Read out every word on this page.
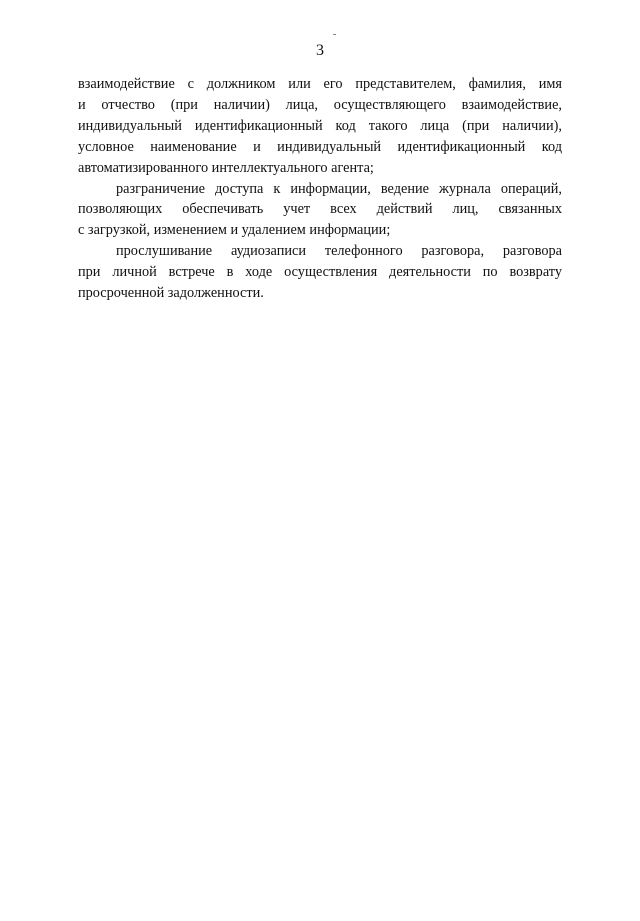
3

взаимодействие с должником или его представителем, фамилия, имя
и отчество (при наличии) лица, осуществляющего взаимодействие,
индивидуальный идентификационный код такого лица (при наличии),
условное наименование и индивидуальный идентификационный код
автоматизированного интеллектуального агента;

разграничение доступа к информации, ведение журнала операций,
позволяющих обеспечивать учет всех действий лиц, связанных
с загрузкой, изменением и удалением информации;

прослушивание аудиозаписи телефонного разговора, разговора
при личной встрече в ходе осуществления деятельности по возврату
просроченной задолженности.
